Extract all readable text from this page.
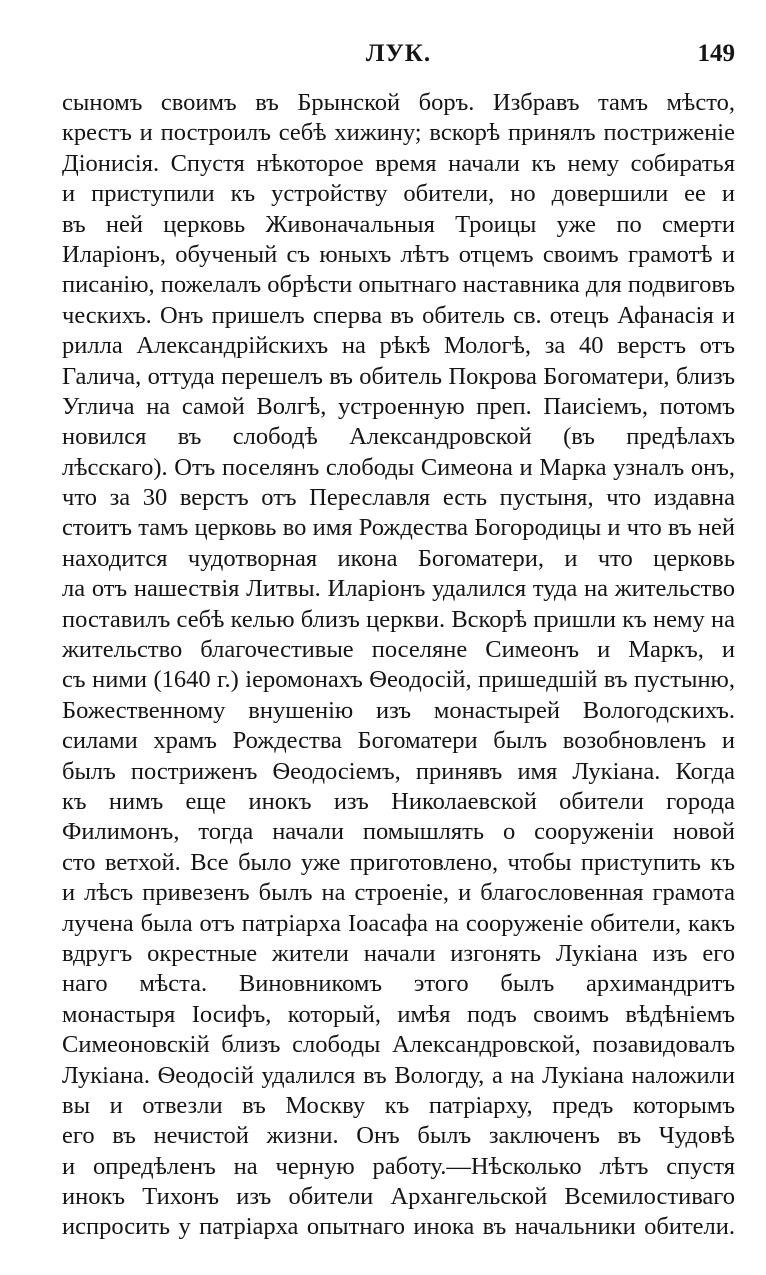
ЛУК.	149
сыномъ своимъ въ Брынской боръ. Избравъ тамъ мѣсто,
крестъ и построилъ себѣ хижину; вскорѣ принялъ постриженіе
Діонисія. Спустя нѣкоторое время начали къ нему собиратья
и приступили къ устройству обители, но довершили ее и
въ ней церковь Живоначальныя Троицы уже по смерти
Иларіонъ, обученый съ юныхъ лѣтъ отцемъ своимъ грамотѣ и
писанію, пожелалъ обрѣсти опытнаго наставника для подвиговъ
ческихъ. Онъ пришелъ сперва въ обитель св. отецъ Афанасія и
рилла Александрійскихъ на рѣкѣ Мологѣ, за 40 верстъ отъ
Галича, оттуда перешелъ въ обитель Покрова Богоматери, близъ
Углича на самой Волгѣ, устроенную преп. Паисіемъ, потомъ
новился въ слободѣ Александровской (въ предѣлахъ
лѣсскаго). Отъ поселянъ слободы Симеона и Марка узналъ онъ,
что за 30 верстъ отъ Переславля есть пустыня, что издавна
стоитъ тамъ церковь во имя Рождества Богородицы и что въ ней
находится чудотворная икона Богоматери, и что церковь
ла отъ нашествія Литвы. Иларіонъ удалился туда на жительство
поставилъ себѣ келью близъ церкви. Вскорѣ пришли къ нему на
жительство благочестивые поселяне Симеонъ и Маркъ, и
съ ними (1640 г.) іеромонахъ Ѳеодосій, пришедшій въ пустыню,
Божественному внушенію изъ монастырей Вологодскихъ.
силами храмъ Рождества Богоматери былъ возобновленъ и
былъ постриженъ Ѳеодосіемъ, принявъ имя Лукіана. Когда
къ нимъ еще инокъ изъ Николаевской обители города
Филимонъ, тогда начали помышлять о сооруженіи новой
сто ветхой. Все было уже приготовлено, чтобы приступить къ
и лѣсъ привезенъ былъ на строеніе, и благословенная грамота
лучена была отъ патріарха Іоасафа на сооруженіе обители, какъ
вдругъ окрестные жители начали изгонять Лукіана изъ его
наго мѣста. Виновникомъ этого былъ архимандритъ
монастыря Іосифъ, который, имѣя подъ своимъ вѣдѣніемъ
Симеоновскій близъ слободы Александровской, позавидовалъ
Лукіана. Ѳеодосій удалился въ Вологду, а на Лукіана наложили
вы и отвезли въ Москву къ патріарху, предъ которымъ
его въ нечистой жизни. Онъ былъ заключенъ въ Чудовѣ
и опредѣленъ на черную работу.—Нѣсколько лѣтъ спустя
инокъ Тихонъ изъ обители Архангельской Всемилостиваго
испросить у патріарха опытнаго инока въ начальники обители.
